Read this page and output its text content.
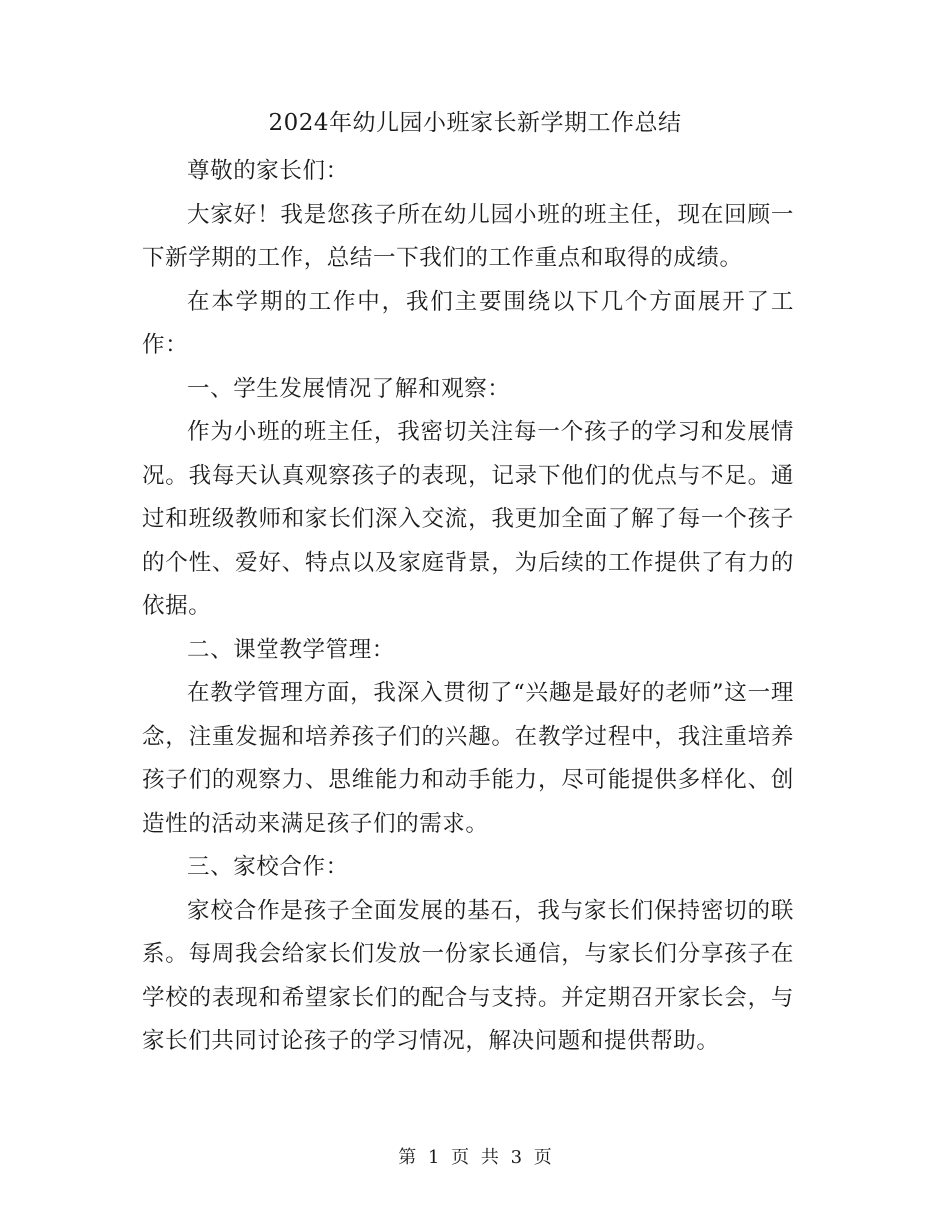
2024年幼儿园小班家长新学期工作总结

尊敬的家长们：

大家好！我是您孩子所在幼儿园小班的班主任，现在回顾一下新学期的工作，总结一下我们的工作重点和取得的成绩。

在本学期的工作中，我们主要围绕以下几个方面展开了工作：

一、学生发展情况了解和观察：

作为小班的班主任，我密切关注每一个孩子的学习和发展情况。我每天认真观察孩子的表现，记录下他们的优点与不足。通过和班级教师和家长们深入交流，我更加全面了解了每一个孩子的个性、爱好、特点以及家庭背景，为后续的工作提供了有力的依据。

二、课堂教学管理：

在教学管理方面，我深入贯彻了“兴趣是最好的老师”这一理念，注重发掘和培养孩子们的兴趣。在教学过程中，我注重培养孩子们的观察力、思维能力和动手能力，尽可能提供多样化、创造性的活动来满足孩子们的需求。

三、家校合作：

家校合作是孩子全面发展的基石，我与家长们保持密切的联系。每周我会给家长们发放一份家长通信，与家长们分享孩子在学校的表现和希望家长们的配合与支持。并定期召开家长会，与家长们共同讨论孩子的学习情况，解决问题和提供帮助。

第 1 页 共 3 页
